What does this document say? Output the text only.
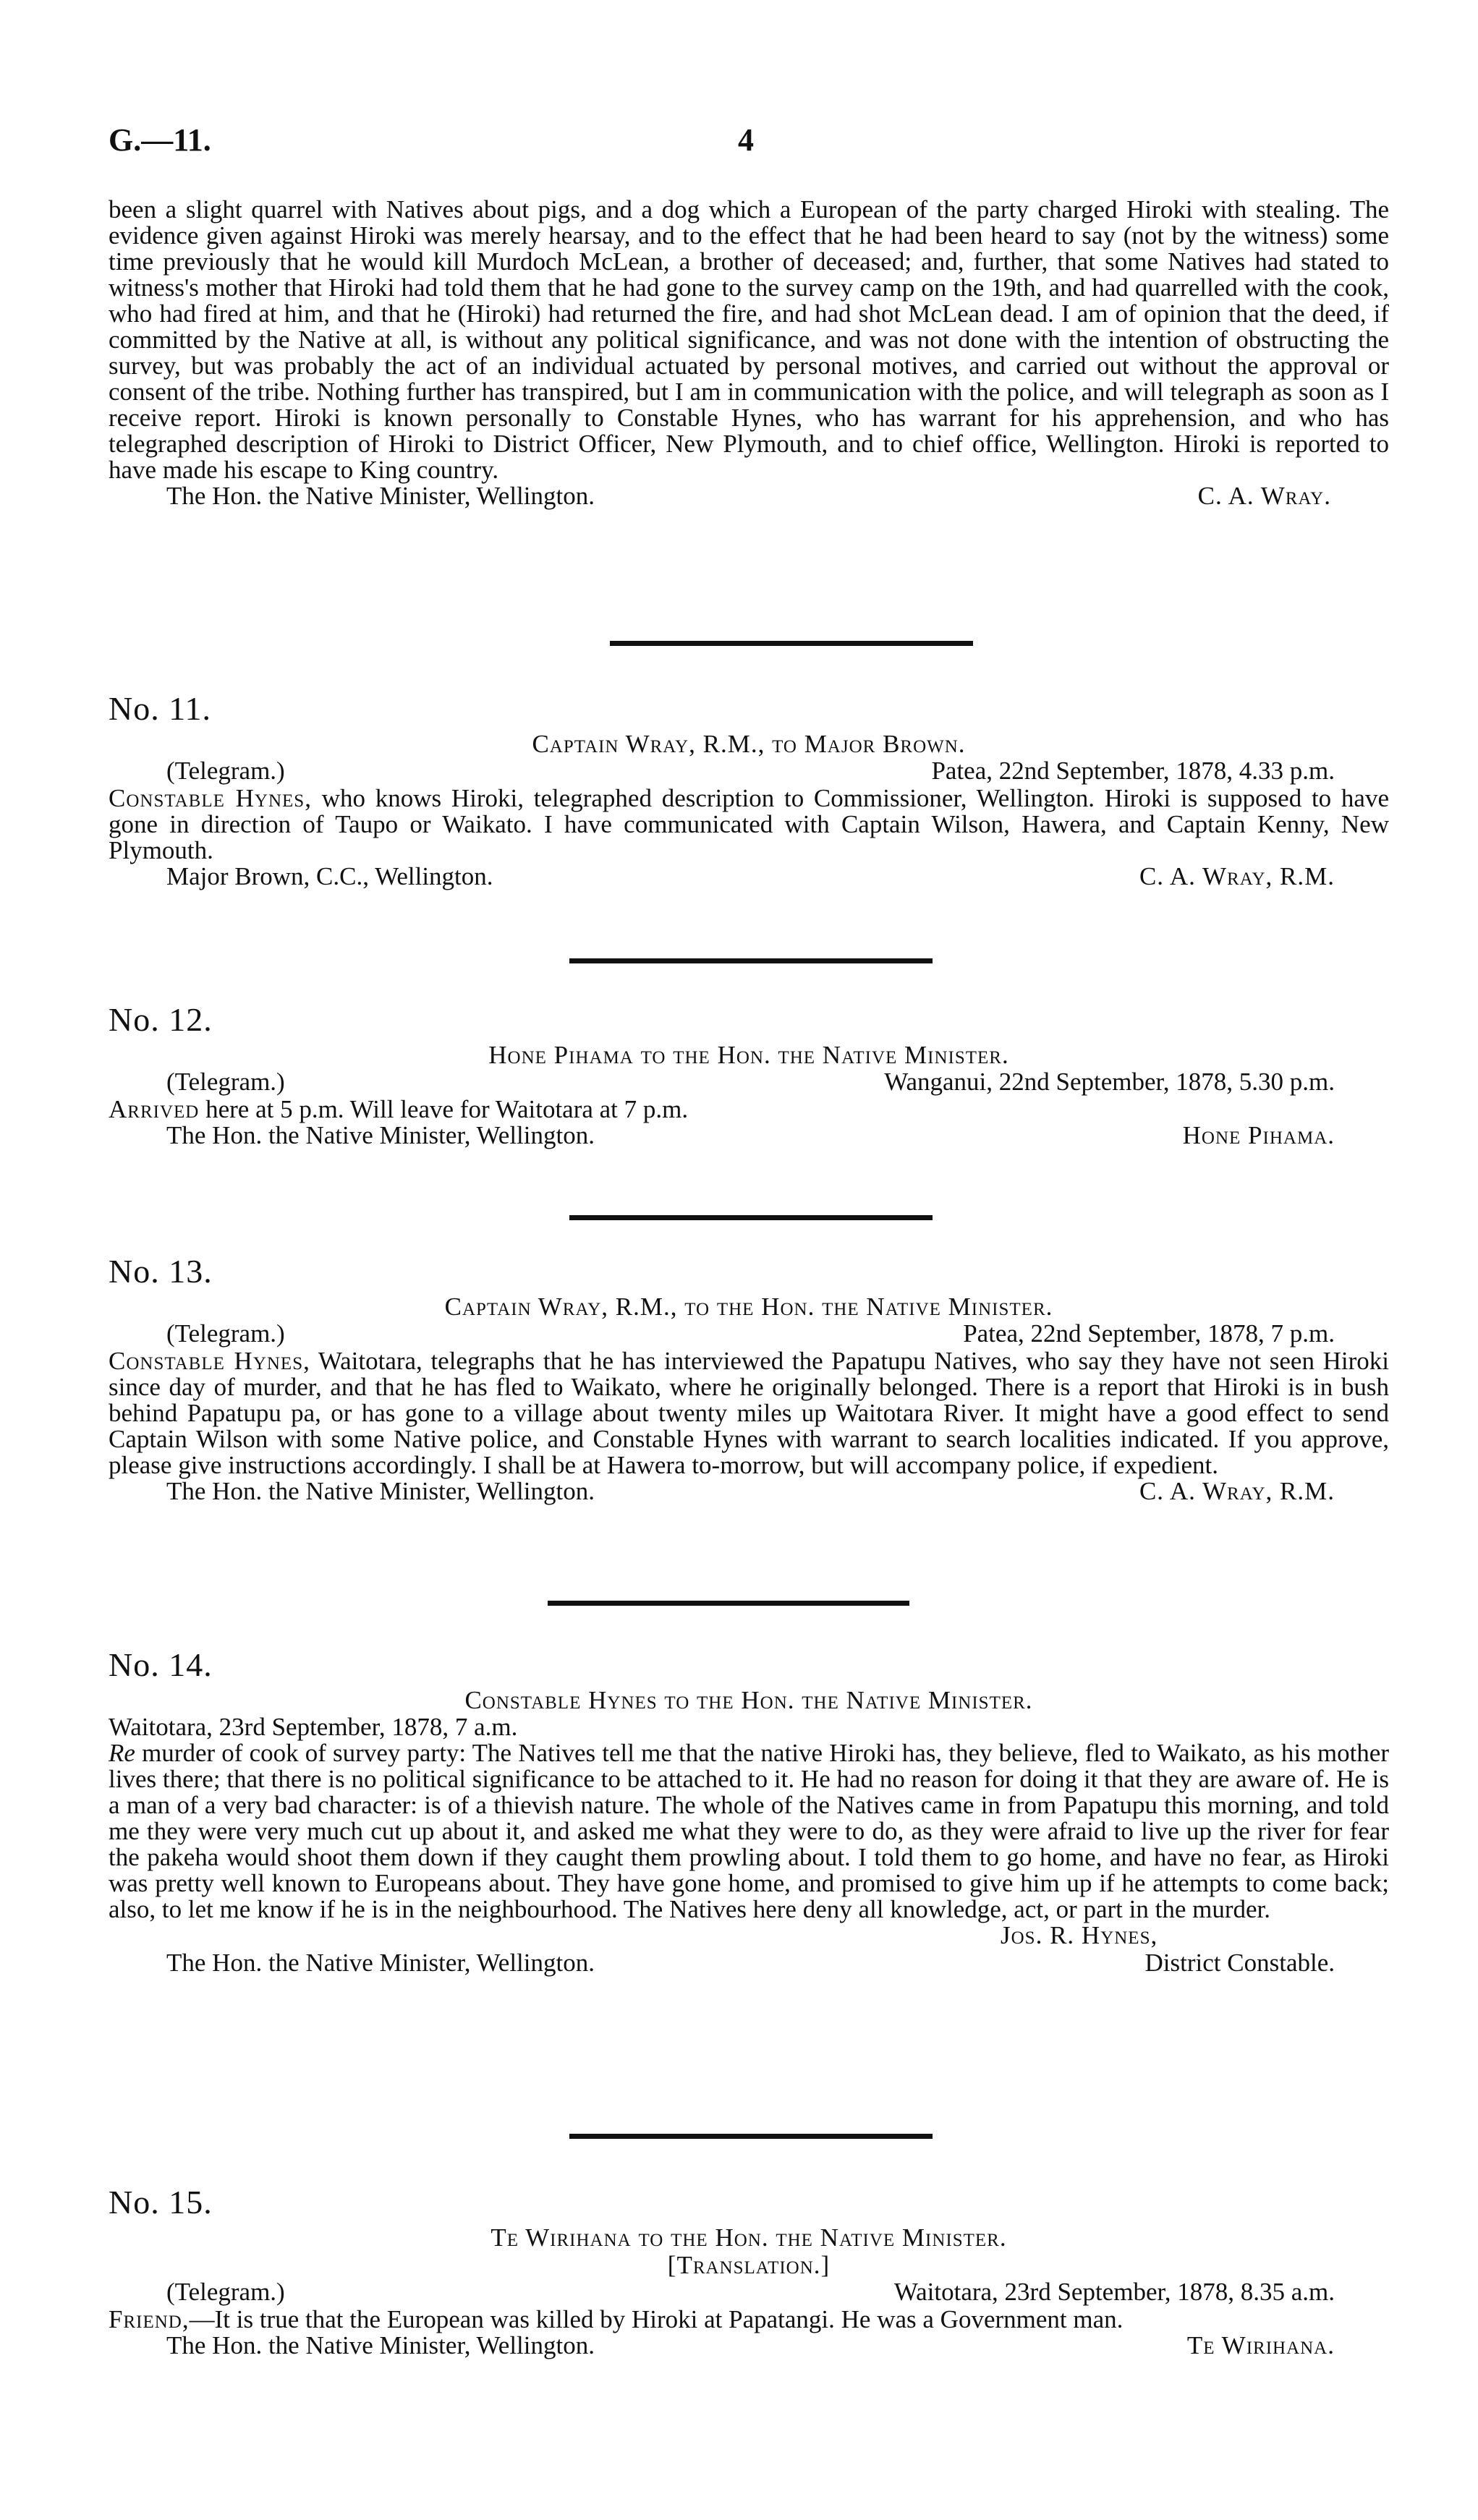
G.—11.	4

been a slight quarrel with Natives about pigs, and a dog which a European of the party charged Hiroki with stealing. The evidence given against Hiroki was merely hearsay, and to the effect that he had been heard to say (not by the witness) some time previously that he would kill Murdoch McLean, a brother of deceased; and, further, that some Natives had stated to witness's mother that Hiroki had told them that he had gone to the survey camp on the 19th, and had quarrelled with the cook, who had fired at him, and that he (Hiroki) had returned the fire, and had shot McLean dead. I am of opinion that the deed, if committed by the Native at all, is without any political significance, and was not done with the intention of obstructing the survey, but was probably the act of an individual actuated by personal motives, and carried out without the approval or consent of the tribe. Nothing further has transpired, but I am in communication with the police, and will telegraph as soon as I receive report. Hiroki is known personally to Constable Hynes, who has warrant for his apprehension, and who has telegraphed description of Hiroki to District Officer, New Plymouth, and to chief office, Wellington. Hiroki is reported to have made his escape to King country.

The Hon. the Native Minister, Wellington.	C. A. Wray.

No. 11.

Captain Wray, R.M., to Major Brown.

(Telegram.)	Patea, 22nd September, 1878, 4.33 p.m.

Constable Hynes, who knows Hiroki, telegraphed description to Commissioner, Wellington. Hiroki is supposed to have gone in direction of Taupo or Waikato. I have communicated with Captain Wilson, Hawera, and Captain Kenny, New Plymouth.

Major Brown, C.C., Wellington.	C. A. Wray, R.M.

No. 12.

Hone Pihama to the Hon. the Native Minister.

(Telegram.)	Wanganui, 22nd September, 1878, 5.30 p.m.

Arrived here at 5 p.m. Will leave for Waitotara at 7 p.m.

The Hon. the Native Minister, Wellington.	Hone Pihama.

No. 13.

Captain Wray, R.M., to the Hon. the Native Minister.

(Telegram.)	Patea, 22nd September, 1878, 7 p.m.

Constable Hynes, Waitotara, telegraphs that he has interviewed the Papatupu Natives, who say they have not seen Hiroki since day of murder, and that he has fled to Waikato, where he originally belonged. There is a report that Hiroki is in bush behind Papatupu pa, or has gone to a village about twenty miles up Waitotara River. It might have a good effect to send Captain Wilson with some Native police, and Constable Hynes with warrant to search localities indicated. If you approve, please give instructions accordingly. I shall be at Hawera to-morrow, but will accompany police, if expedient.

The Hon. the Native Minister, Wellington.	C. A. Wray, R.M.

No. 14.

Constable Hynes to the Hon. the Native Minister.

Waitotara, 23rd September, 1878, 7 a.m.

Re murder of cook of survey party: The Natives tell me that the native Hiroki has, they believe, fled to Waikato, as his mother lives there; that there is no political significance to be attached to it. He had no reason for doing it that they are aware of. He is a man of a very bad character: is of a thievish nature. The whole of the Natives came in from Papatupu this morning, and told me they were very much cut up about it, and asked me what they were to do, as they were afraid to live up the river for fear the pakeha would shoot them down if they caught them prowling about. I told them to go home, and have no fear, as Hiroki was pretty well known to Europeans about. They have gone home, and promised to give him up if he attempts to come back; also, to let me know if he is in the neighbourhood. The Natives here deny all knowledge, act, or part in the murder.

Jos. R. Hynes,
The Hon. the Native Minister, Wellington.	District Constable.

No. 15.

Te Wirihana to the Hon. the Native Minister.

[Translation.]

(Telegram.)	Waitotara, 23rd September, 1878, 8.35 a.m.

Friend,—It is true that the European was killed by Hiroki at Papatangi. He was a Government man.

The Hon. the Native Minister, Wellington.	Te Wirihana.
